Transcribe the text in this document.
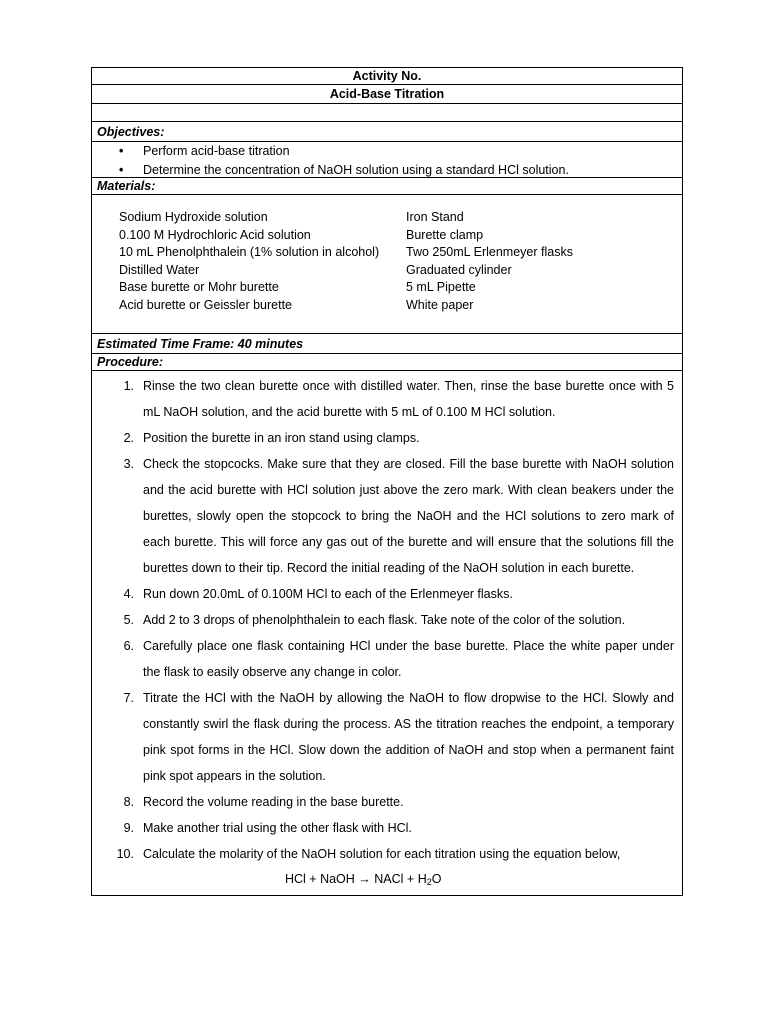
Activity No.
Acid-Base Titration
Objectives:
• Perform acid-base titration
• Determine the concentration of NaOH solution using a standard HCl solution.
Materials:
Sodium Hydroxide solution
0.100 M Hydrochloric Acid solution
10 mL Phenolphthalein (1% solution in alcohol)
Distilled Water
Base burette or Mohr burette
Acid burette or Geissler burette
Iron Stand
Burette clamp
Two 250mL Erlenmeyer flasks
Graduated cylinder
5 mL Pipette
White paper
Estimated Time Frame: 40 minutes
Procedure:
1. Rinse the two clean burette once with distilled water. Then, rinse the base burette once with 5 mL NaOH solution, and the acid burette with 5 mL of 0.100 M HCl solution.
2. Position the burette in an iron stand using clamps.
3. Check the stopcocks. Make sure that they are closed. Fill the base burette with NaOH solution and the acid burette with HCl solution just above the zero mark. With clean beakers under the burettes, slowly open the stopcock to bring the NaOH and the HCl solutions to zero mark of each burette. This will force any gas out of the burette and will ensure that the solutions fill the burettes down to their tip. Record the initial reading of the NaOH solution in each burette.
4. Run down 20.0mL of 0.100M HCl to each of the Erlenmeyer flasks.
5. Add 2 to 3 drops of phenolphthalein to each flask. Take note of the color of the solution.
6. Carefully place one flask containing HCl under the base burette. Place the white paper under the flask to easily observe any change in color.
7. Titrate the HCl with the NaOH by allowing the NaOH to flow dropwise to the HCl. Slowly and constantly swirl the flask during the process. AS the titration reaches the endpoint, a temporary pink spot forms in the HCl. Slow down the addition of NaOH and stop when a permanent faint pink spot appears in the solution.
8. Record the volume reading in the base burette.
9. Make another trial using the other flask with HCl.
10. Calculate the molarity of the NaOH solution for each titration using the equation below,
HCl + NaOH → NACl + H2O
